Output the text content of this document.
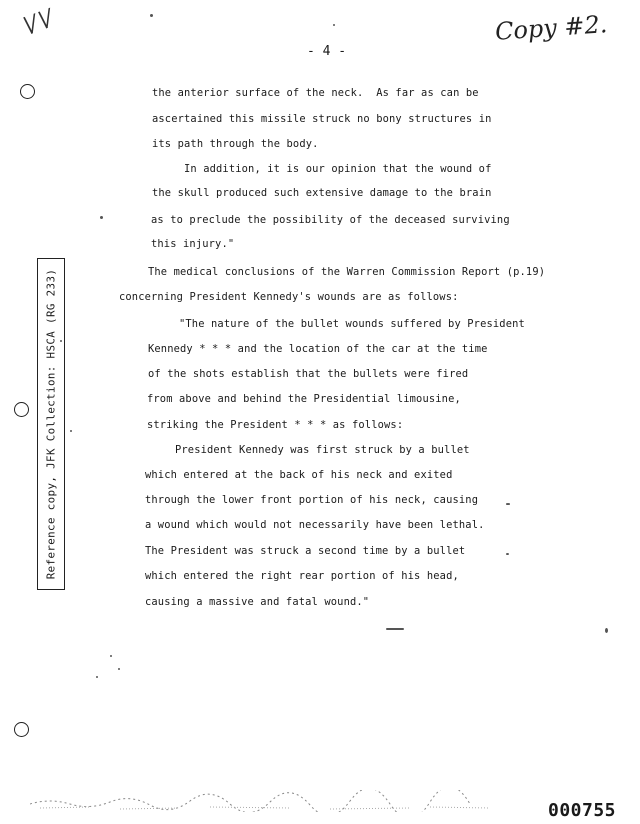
\/ \/	Copy #2.
- 4 -
Reference copy, JFK Collection: HSCA (RG 233)
the anterior surface of the neck.  As far as can be
ascertained this missile struck no bony structures in
its path through the body.
In addition, it is our opinion that the wound of
the skull produced such extensive damage to the brain
as to preclude the possibility of the deceased surviving
this injury."
The medical conclusions of the Warren Commission Report (p.19)
concerning President Kennedy's wounds are as follows:
"The nature of the bullet wounds suffered by President
Kennedy * * * and the location of the car at the time
of the shots establish that the bullets were fired
from above and behind the Presidential limousine,
striking the President * * * as follows:
President Kennedy was first struck by a bullet
which entered at the back of his neck and exited
through the lower front portion of his neck, causing
a wound which would not necessarily have been lethal.
The President was struck a second time by a bullet
which entered the right rear portion of his head,
causing a massive and fatal wound."
000755
